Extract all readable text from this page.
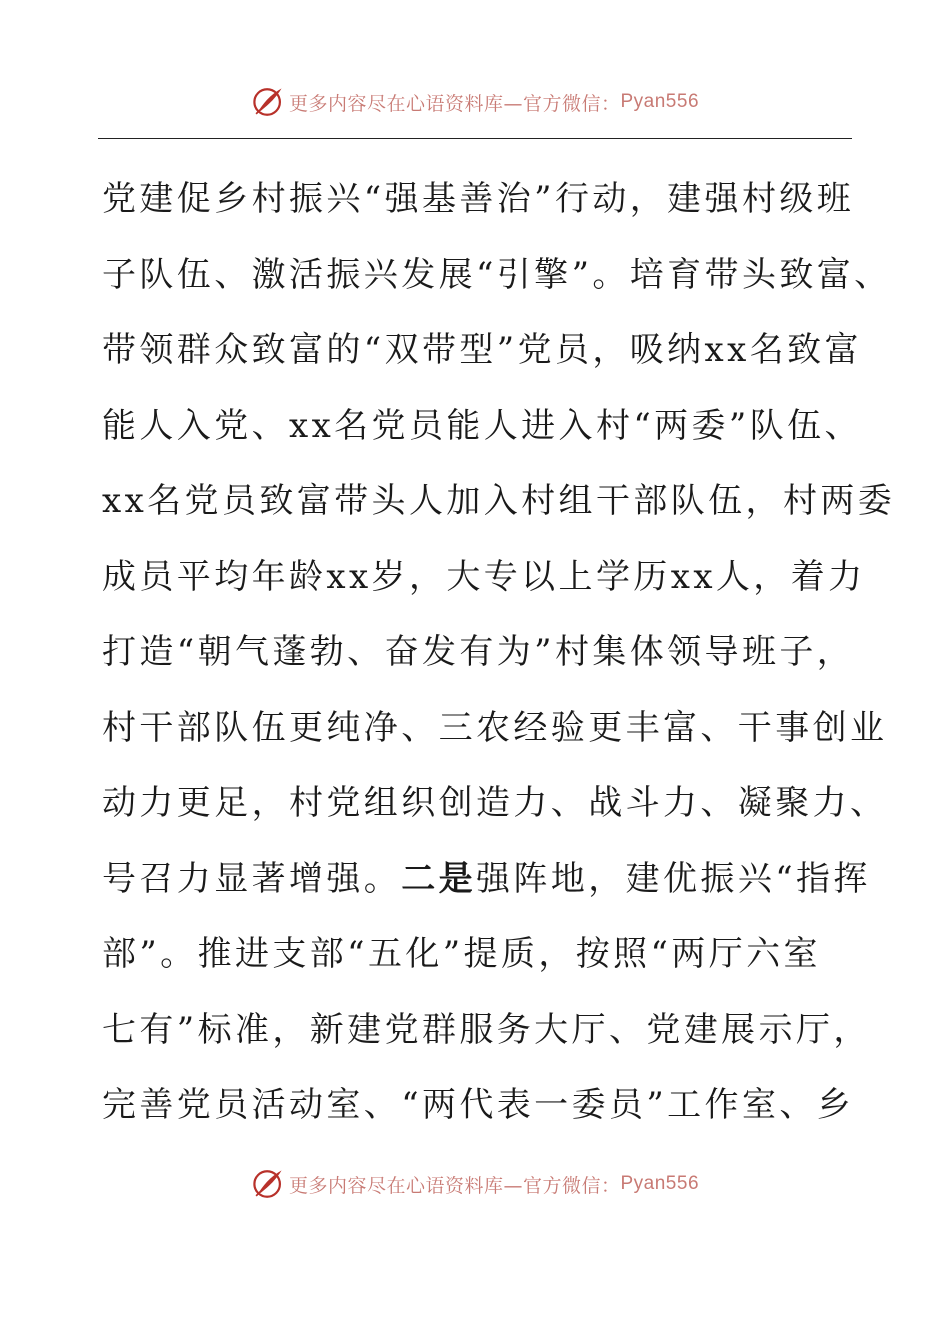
更多内容尽在心语资料库—官方微信： Pyan556
党建促乡村振兴“强基善治”行动，建强村级班
子队伍、激活振兴发展“引擎”。培育带头致富、
带领群众致富的“双带型”党员，吸纳xx名致富
能人入党、xx名党员能人进入村“两委”队伍、
xx名党员致富带头人加入村组干部队伍，村两委
成员平均年龄xx岁，大专以上学历xx人，着力
打造“朝气蓬勃、奋发有为”村集体领导班子，
村干部队伍更纯净、三农经验更丰富、干事创业
动力更足，村党组织创造力、战斗力、凝聚力、
号召力显著增强。二是强阵地，建优振兴“指挥
部”。推进支部“五化”提质，按照“两厅六室
七有”标准，新建党群服务大厅、党建展示厅，
完善党员活动室、“两代表一委员”工作室、乡
更多内容尽在心语资料库—官方微信： Pyan556
